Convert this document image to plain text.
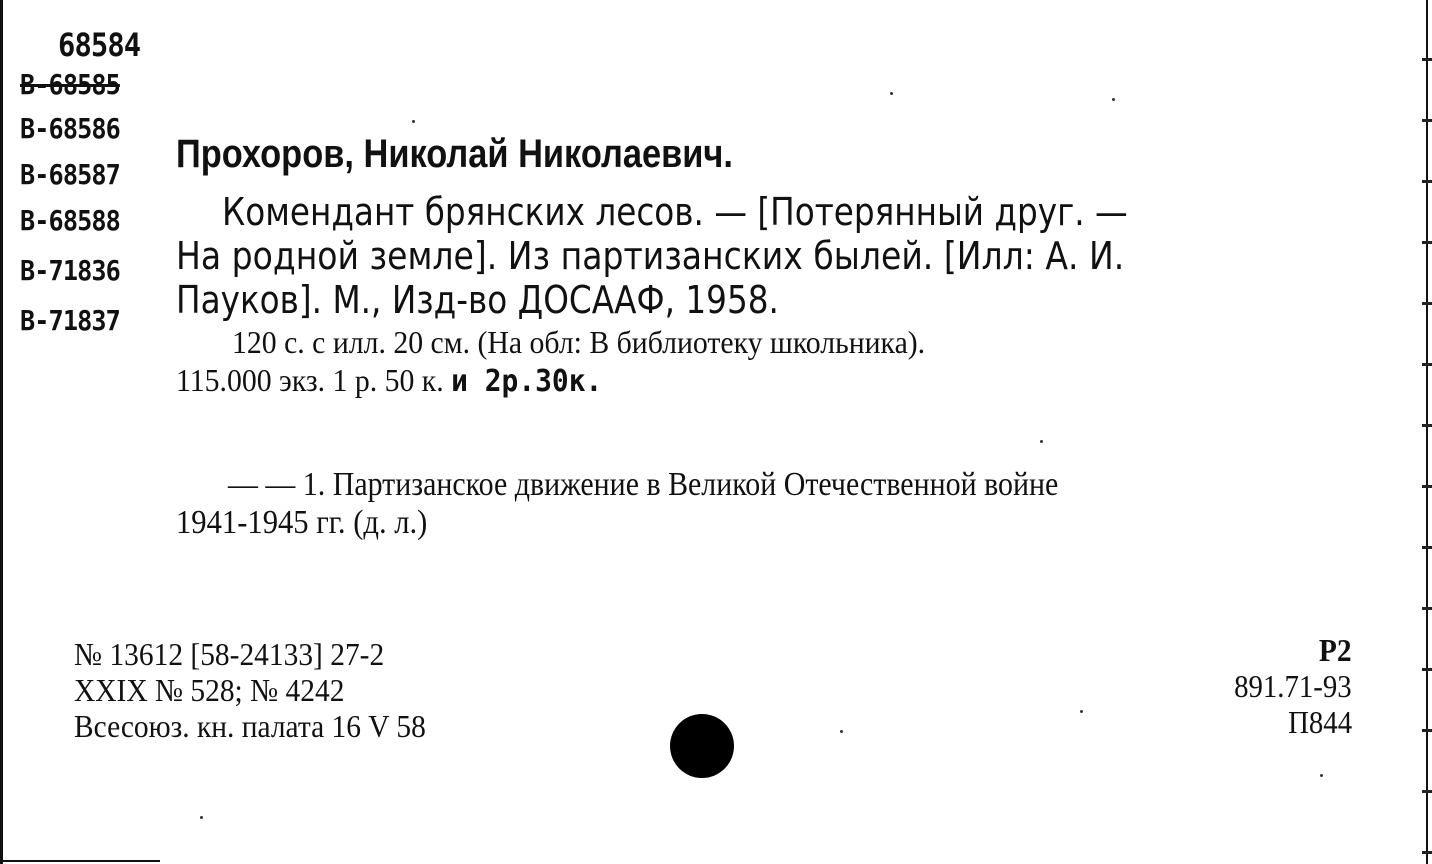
68584
В-68585
В-68586
В-68587
В-68588
В-71836
В-71837
Прохоров, Николай Николаевич.
Комендант брянских лесов. — [Потерянный друг. —
На родной земле]. Из партизанских былей. [Илл: А. И.
Пауков]. М., Изд-во ДОСААФ, 1958.
120 с. с илл. 20 см. (На обл: В библиотеку школьника).
115.000 экз. 1 р. 50 к. и 2р.30к.
— — 1. Партизанское движение в Великой Отечественной войне
1941-1945 гг. (д. л.)
№ 13612 [58-24133] 27-2
XXIX № 528; № 4242
Всесоюз. кн. палата 16 V 58
Р2
891.71-93
П844
